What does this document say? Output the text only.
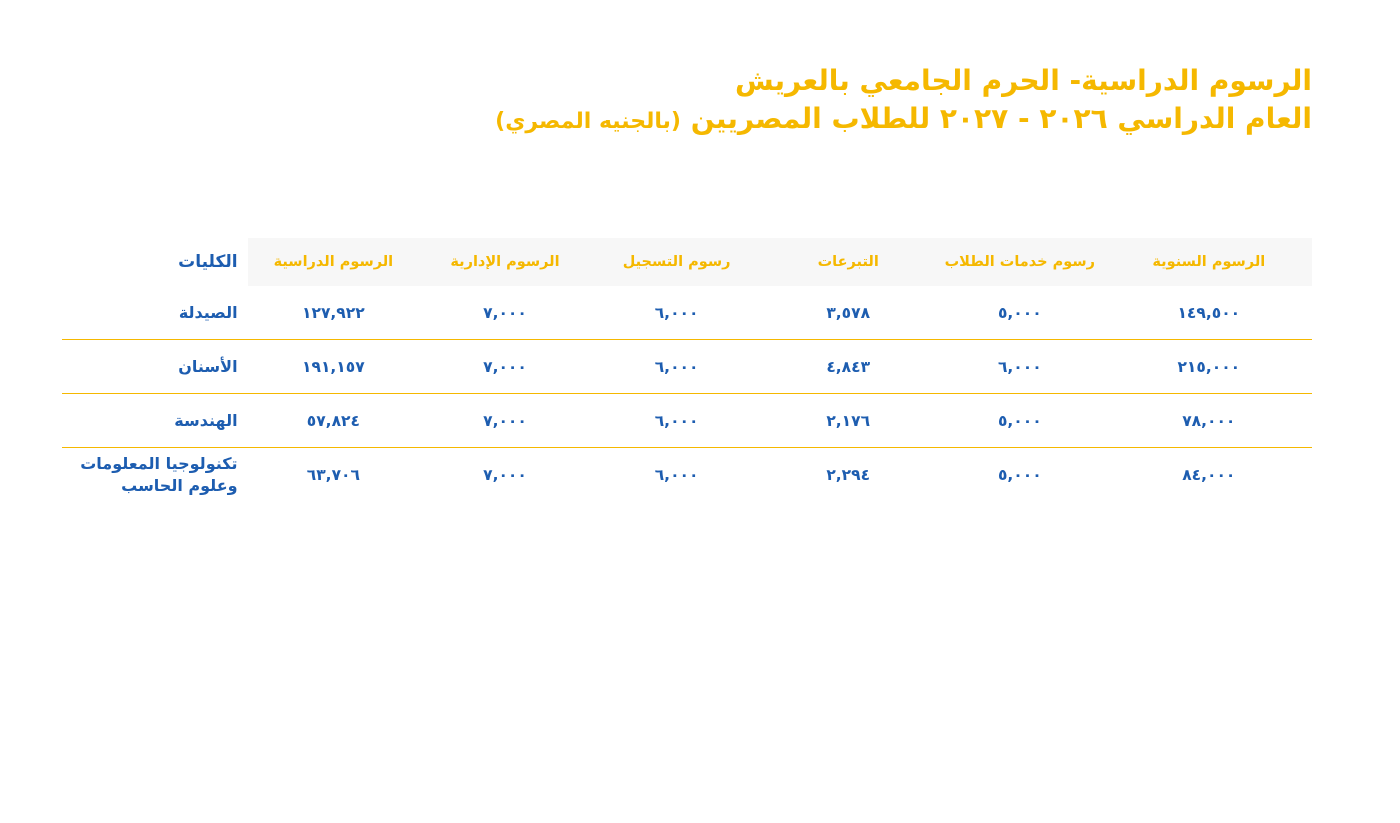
الرسوم الدراسية- الحرم الجامعي بالعريش
العام الدراسي ٢٠٢٦ - ٢٠٢٧ للطلاب المصريين (بالجنيه المصري)
الرسوم السنوية	رسوم خدمات الطلاب	التبرعات	رسوم التسجيل	الرسوم الإدارية	الرسوم الدراسية	الكليات
١٤٩,٥٠٠	٥,٠٠٠	٣,٥٧٨	٦,٠٠٠	٧,٠٠٠	١٢٧,٩٢٢	الصيدلة

٢١٥,٠٠٠	٦,٠٠٠	٤,٨٤٣	٦,٠٠٠	٧,٠٠٠	١٩١,١٥٧	الأسنان

٧٨,٠٠٠	٥,٠٠٠	٢,١٧٦	٦,٠٠٠	٧,٠٠٠	٥٧,٨٢٤	الهندسة

٨٤,٠٠٠	٥,٠٠٠	٢,٢٩٤	٦,٠٠٠	٧,٠٠٠	٦٣,٧٠٦	تكنولوجيا المعلومات
وعلوم الحاسب
